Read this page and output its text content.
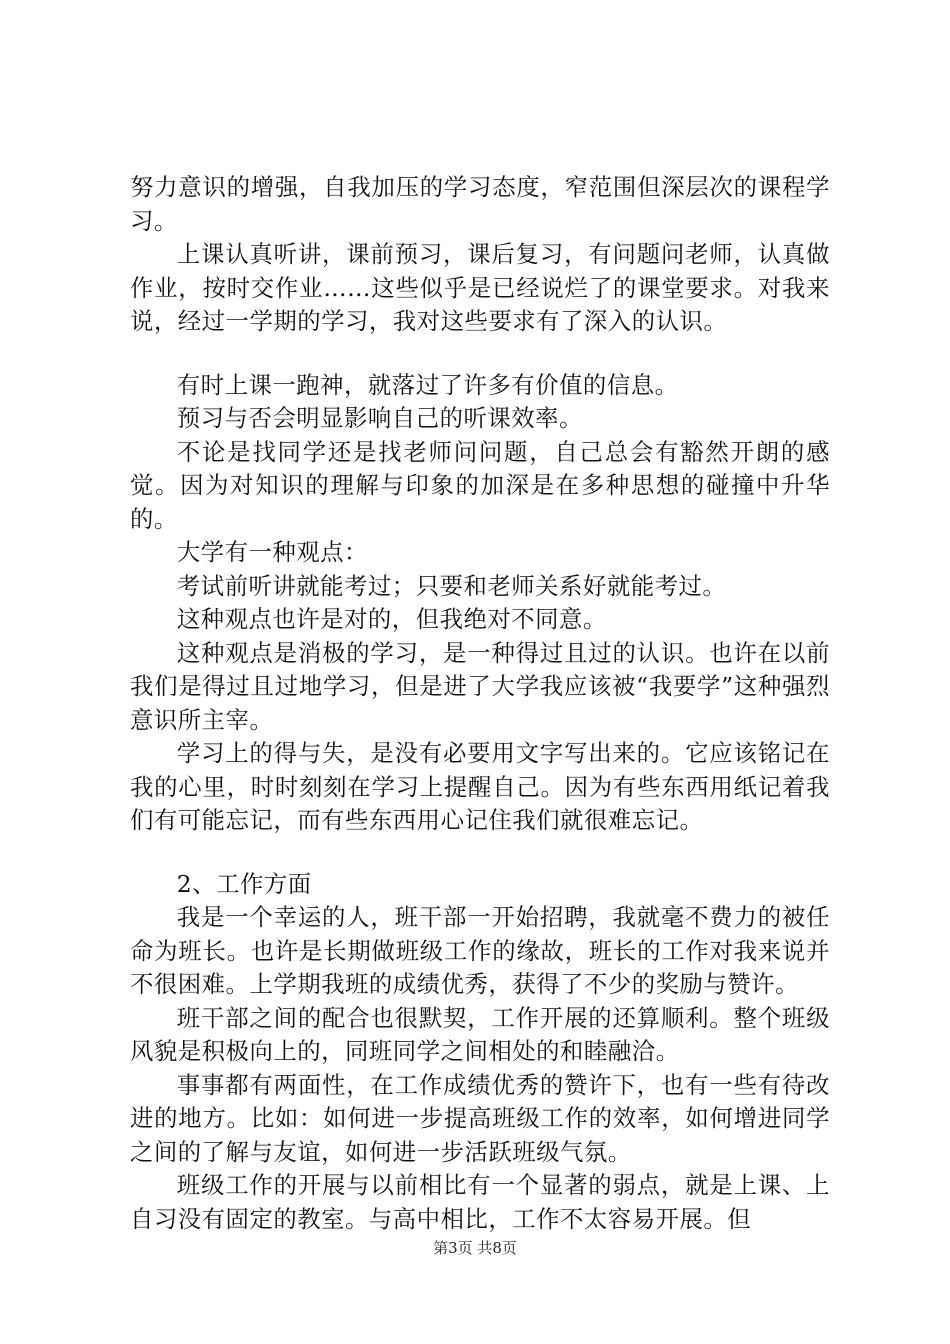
努力意识的增强，自我加压的学习态度，窄范围但深层次的课程学习。

上课认真听讲，课前预习，课后复习，有问题问老师，认真做作业，按时交作业……这些似乎是已经说烂了的课堂要求。对我来说，经过一学期的学习，我对这些要求有了深入的认识。

有时上课一跑神，就落过了许多有价值的信息。

预习与否会明显影响自己的听课效率。

不论是找同学还是找老师问问题，自己总会有豁然开朗的感觉。因为对知识的理解与印象的加深是在多种思想的碰撞中升华的。

大学有一种观点：

考试前听讲就能考过；只要和老师关系好就能考过。

这种观点也许是对的，但我绝对不同意。

这种观点是消极的学习，是一种得过且过的认识。也许在以前我们是得过且过地学习，但是进了大学我应该被“我要学”这种强烈意识所主宰。

学习上的得与失，是没有必要用文字写出来的。它应该铭记在我的心里，时时刻刻在学习上提醒自己。因为有些东西用纸记着我们有可能忘记，而有些东西用心记住我们就很难忘记。

2、工作方面

我是一个幸运的人，班干部一开始招聘，我就毫不费力的被任命为班长。也许是长期做班级工作的缘故，班长的工作对我来说并不很困难。上学期我班的成绩优秀，获得了不少的奖励与赞许。

班干部之间的配合也很默契，工作开展的还算顺利。整个班级风貌是积极向上的，同班同学之间相处的和睦融洽。

事事都有两面性，在工作成绩优秀的赞许下，也有一些有待改进的地方。比如：如何进一步提高班级工作的效率，如何增进同学之间的了解与友谊，如何进一步活跃班级气氛。

班级工作的开展与以前相比有一个显著的弱点，就是上课、上自习没有固定的教室。与高中相比，工作不太容易开展。但

第3页 共8页
